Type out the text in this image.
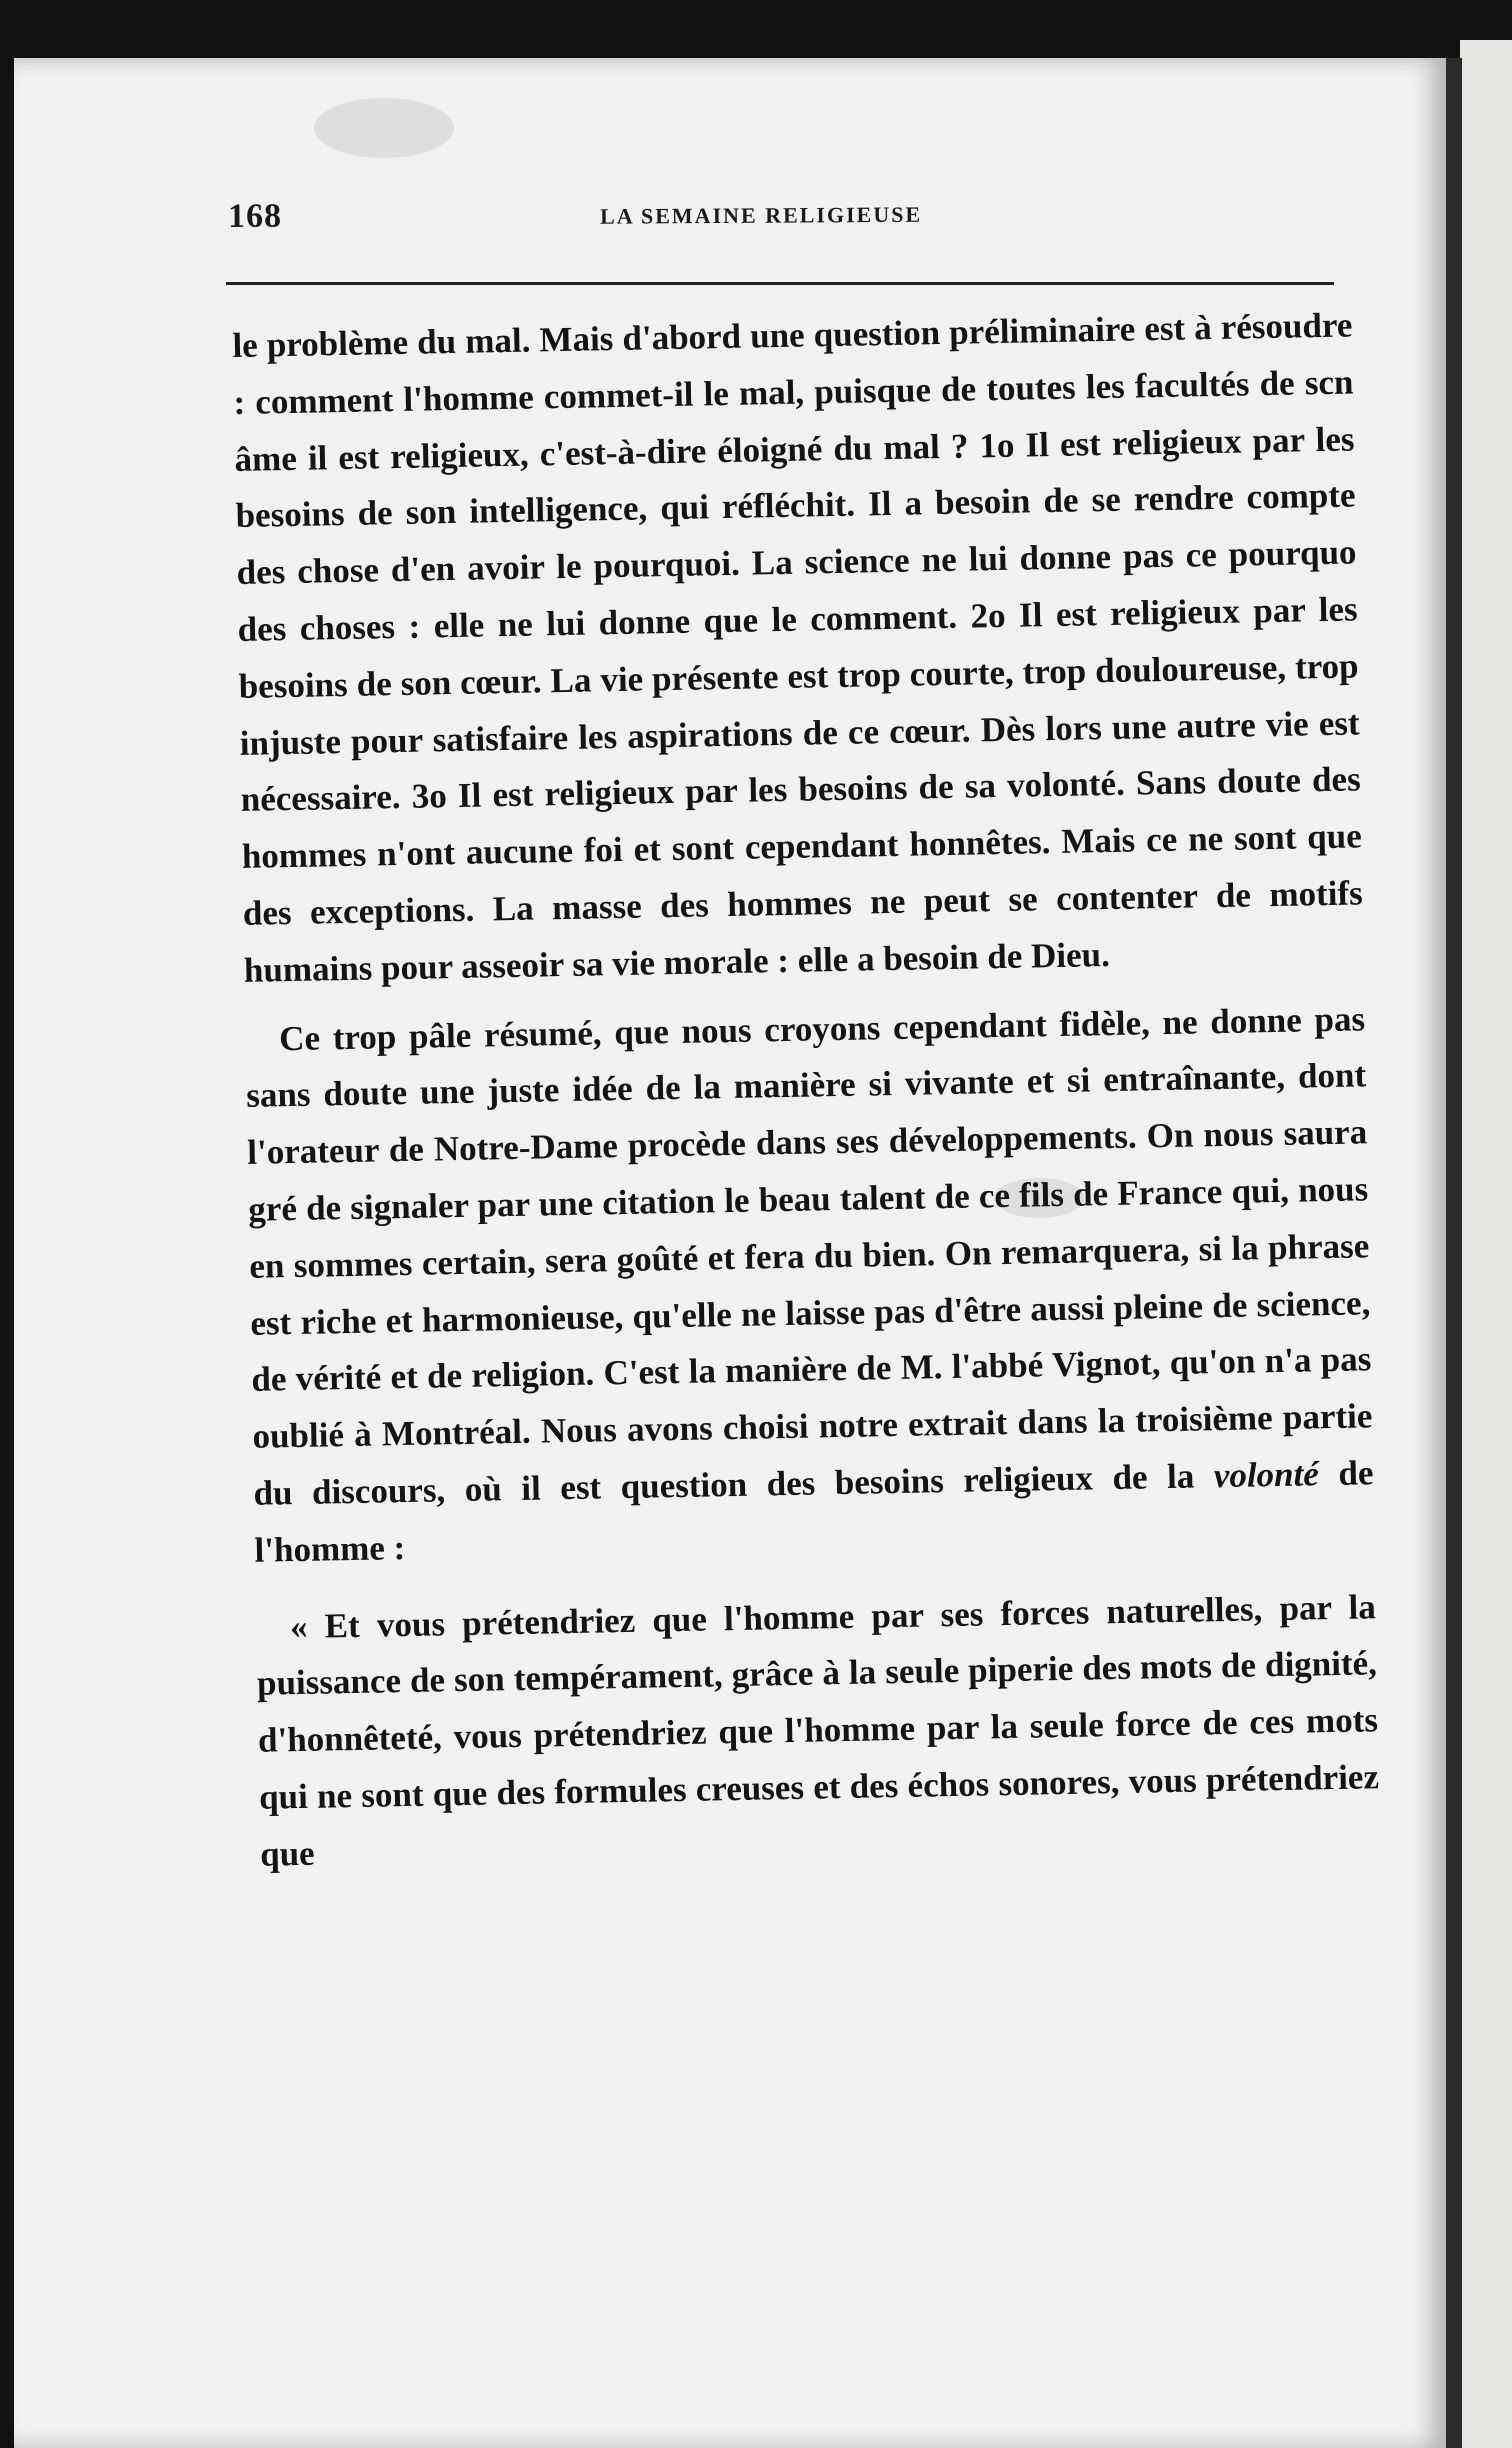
168	LA SEMAINE RELIGIEUSE

le problème du mal. Mais d'abord une question préliminaire est à résoudre : comment l'homme commet-il le mal, puisque de toutes les facultés de scn âme il est religieux, c'est-à-dire éloigné du mal ? 1o Il est religieux par les besoins de son intelligence, qui réfléchit. Il a besoin de se rendre compte des chose d'en avoir le pourquoi. La science ne lui donne pas ce pourquo des choses : elle ne lui donne que le comment. 2o Il est religieux par les besoins de son cœur. La vie présente est trop courte, trop douloureuse, trop injuste pour satisfaire les aspirations de ce cœur. Dès lors une autre vie est nécessaire. 3o Il est religieux par les besoins de sa volonté. Sans doute des hommes n'ont aucune foi et sont cependant honnêtes. Mais ce ne sont que des exceptions. La masse des hommes ne peut se contenter de motifs humains pour asseoir sa vie morale : elle a besoin de Dieu.

Ce trop pâle résumé, que nous croyons cependant fidèle, ne donne pas sans doute une juste idée de la manière si vivante et si entraînante, dont l'orateur de Notre-Dame procède dans ses développements. On nous saura gré de signaler par une citation le beau talent de ce fils de France qui, nous en sommes certain, sera goûté et fera du bien. On remarquera, si la phrase est riche et harmonieuse, qu'elle ne laisse pas d'être aussi pleine de science, de vérité et de religion. C'est la manière de M. l'abbé Vignot, qu'on n'a pas oublié à Montréal. Nous avons choisi notre extrait dans la troisième partie du discours, où il est question des besoins religieux de la volonté de l'homme :

« Et vous prétendriez que l'homme par ses forces naturelles, par la puissance de son tempérament, grâce à la seule piperie des mots de dignité, d'honnêteté, vous prétendriez que l'homme par la seule force de ces mots qui ne sont que des formules creuses et des échos sonores, vous prétendriez que
